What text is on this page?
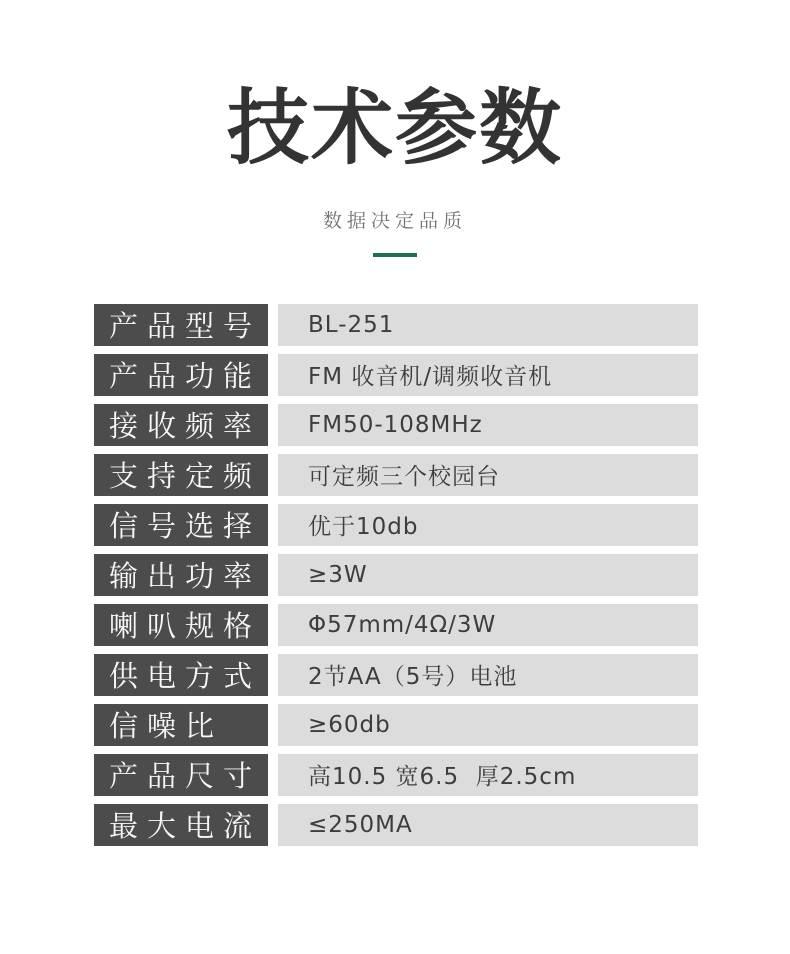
技术参数
数据决定品质
产品型号	BL-251
产品功能	FM 收音机/调频收音机
接收频率	FM50-108MHz
支持定频	可定频三个校园台
信号选择	优于10db
输出功率	≥3W
喇叭规格	Φ57mm/4Ω/3W
供电方式	2节AA（5号）电池
信噪比	≥60db
产品尺寸	高10.5 宽6.5  厚2.5cm
最大电流	≤250MA
